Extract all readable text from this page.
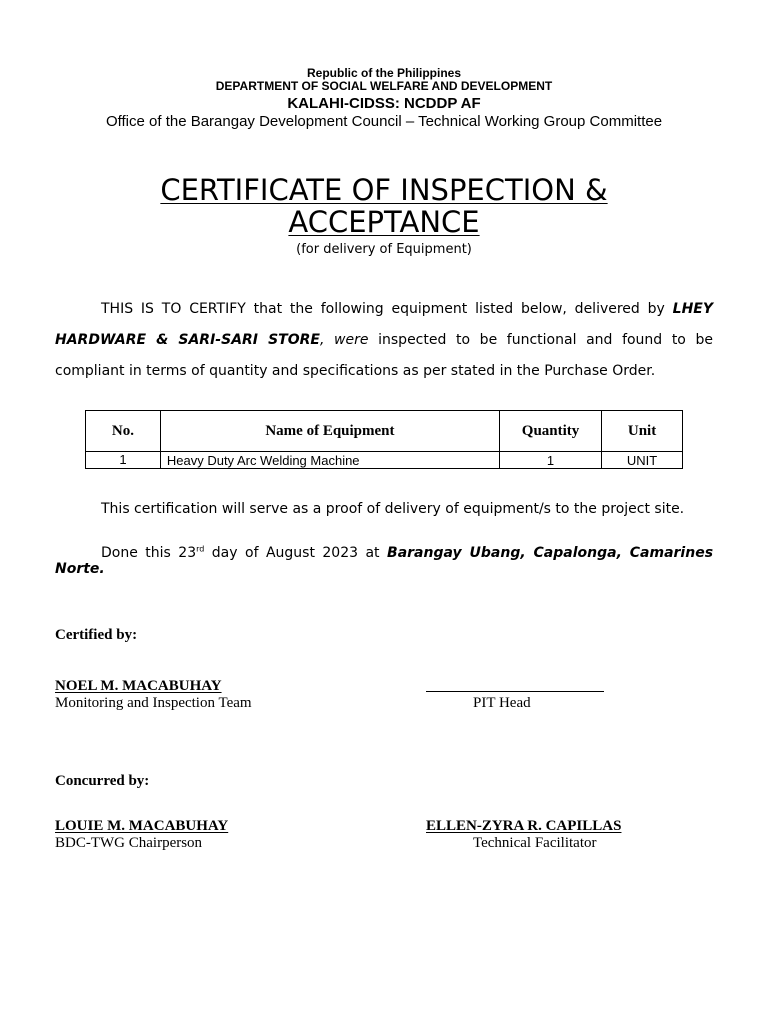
Republic of the Philippines
DEPARTMENT OF SOCIAL WELFARE AND DEVELOPMENT
KALAHI-CIDSS: NCDDP AF
Office of the Barangay Development Council – Technical Working Group Committee
CERTIFICATE OF INSPECTION &
ACCEPTANCE
(for delivery of Equipment)
THIS IS TO CERTIFY that the following equipment listed below, delivered by LHEY
HARDWARE & SARI-SARI STORE, were inspected to be functional and found to be
compliant in terms of quantity and specifications as per stated in the Purchase Order.
No.	Name of Equipment	Quantity	Unit
1	Heavy Duty Arc Welding Machine	1	UNIT
This certification will serve as a proof of delivery of equipment/s to the project site.
Done this 23rd day of August 2023 at Barangay Ubang, Capalonga, Camarines
Norte.
Certified by:
NOEL M. MACABUHAY
Monitoring and Inspection Team	PIT Head
Concurred by:
LOUIE M. MACABUHAY
BDC-TWG Chairperson
ELLEN-ZYRA R. CAPILLAS
Technical Facilitator
